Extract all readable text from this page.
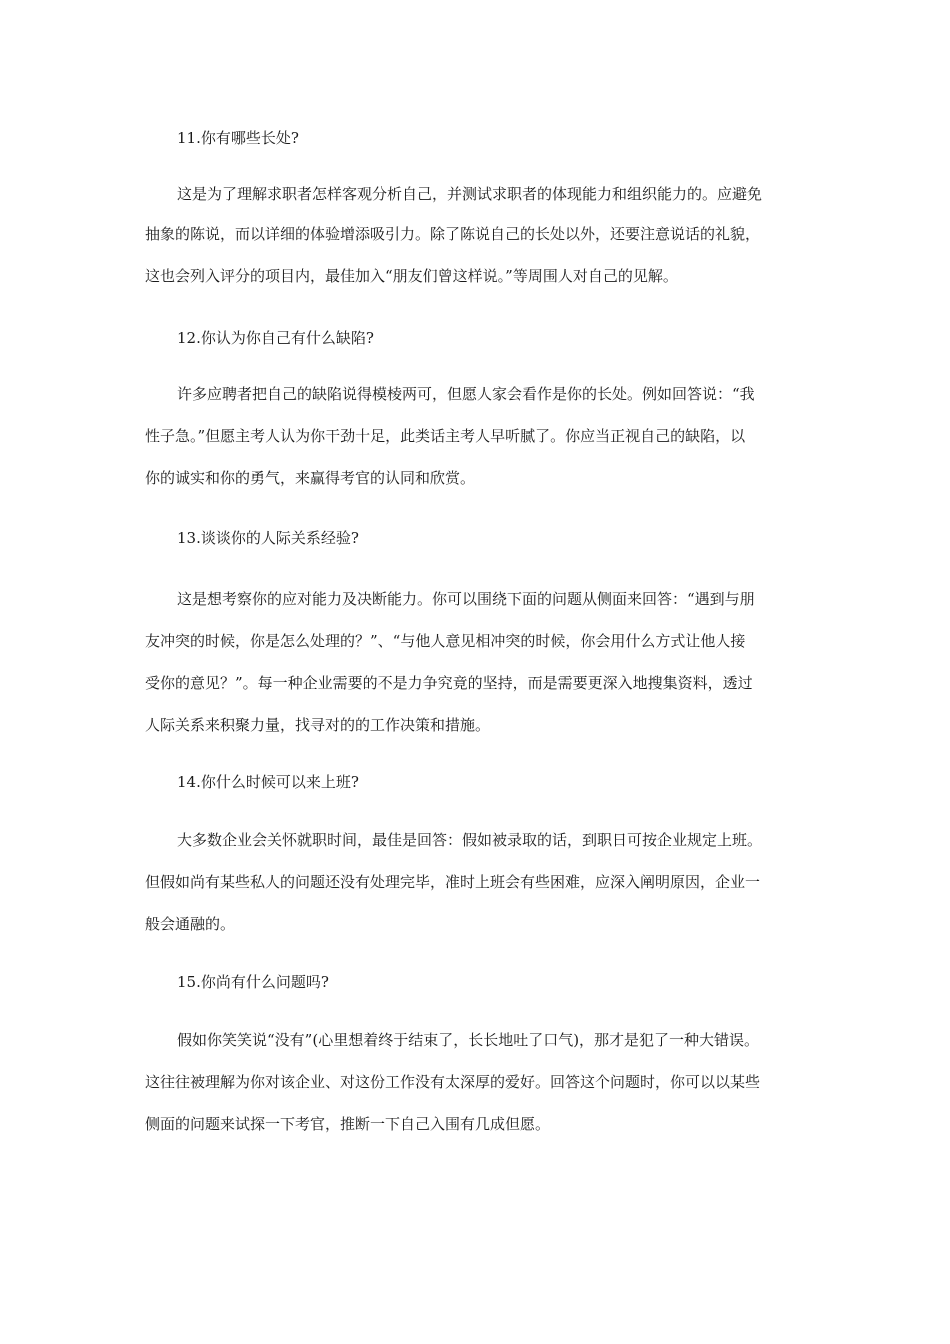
11.你有哪些长处?
这是为了理解求职者怎样客观分析自己，并测试求职者的体现能力和组织能力的。应避免
抽象的陈说，而以详细的体验增添吸引力。除了陈说自己的长处以外，还要注意说话的礼貌，
这也会列入评分的项目内，最佳加入“朋友们曾这样说。”等周围人对自己的见解。
12.你认为你自己有什么缺陷?
许多应聘者把自己的缺陷说得模棱两可，但愿人家会看作是你的长处。例如回答说：“我
性子急。”但愿主考人认为你干劲十足，此类话主考人早听腻了。你应当正视自己的缺陷，以
你的诚实和你的勇气，来赢得考官的认同和欣赏。
13.谈谈你的人际关系经验?
这是想考察你的应对能力及决断能力。你可以围绕下面的问题从侧面来回答：“遇到与朋
友冲突的时候，你是怎么处理的？”、“与他人意见相冲突的时候，你会用什么方式让他人接
受你的意见？”。每一种企业需要的不是力争究竟的坚持，而是需要更深入地搜集资料，透过
人际关系来积聚力量，找寻对的的工作决策和措施。
14.你什么时候可以来上班?
大多数企业会关怀就职时间，最佳是回答：假如被录取的话，到职日可按企业规定上班。
但假如尚有某些私人的问题还没有处理完毕，准时上班会有些困难，应深入阐明原因，企业一
般会通融的。
15.你尚有什么问题吗?
假如你笑笑说“没有”(心里想着终于结束了，长长地吐了口气)，那才是犯了一种大错误。
这往往被理解为你对该企业、对这份工作没有太深厚的爱好。回答这个问题时，你可以以某些
侧面的问题来试探一下考官，推断一下自己入围有几成但愿。
